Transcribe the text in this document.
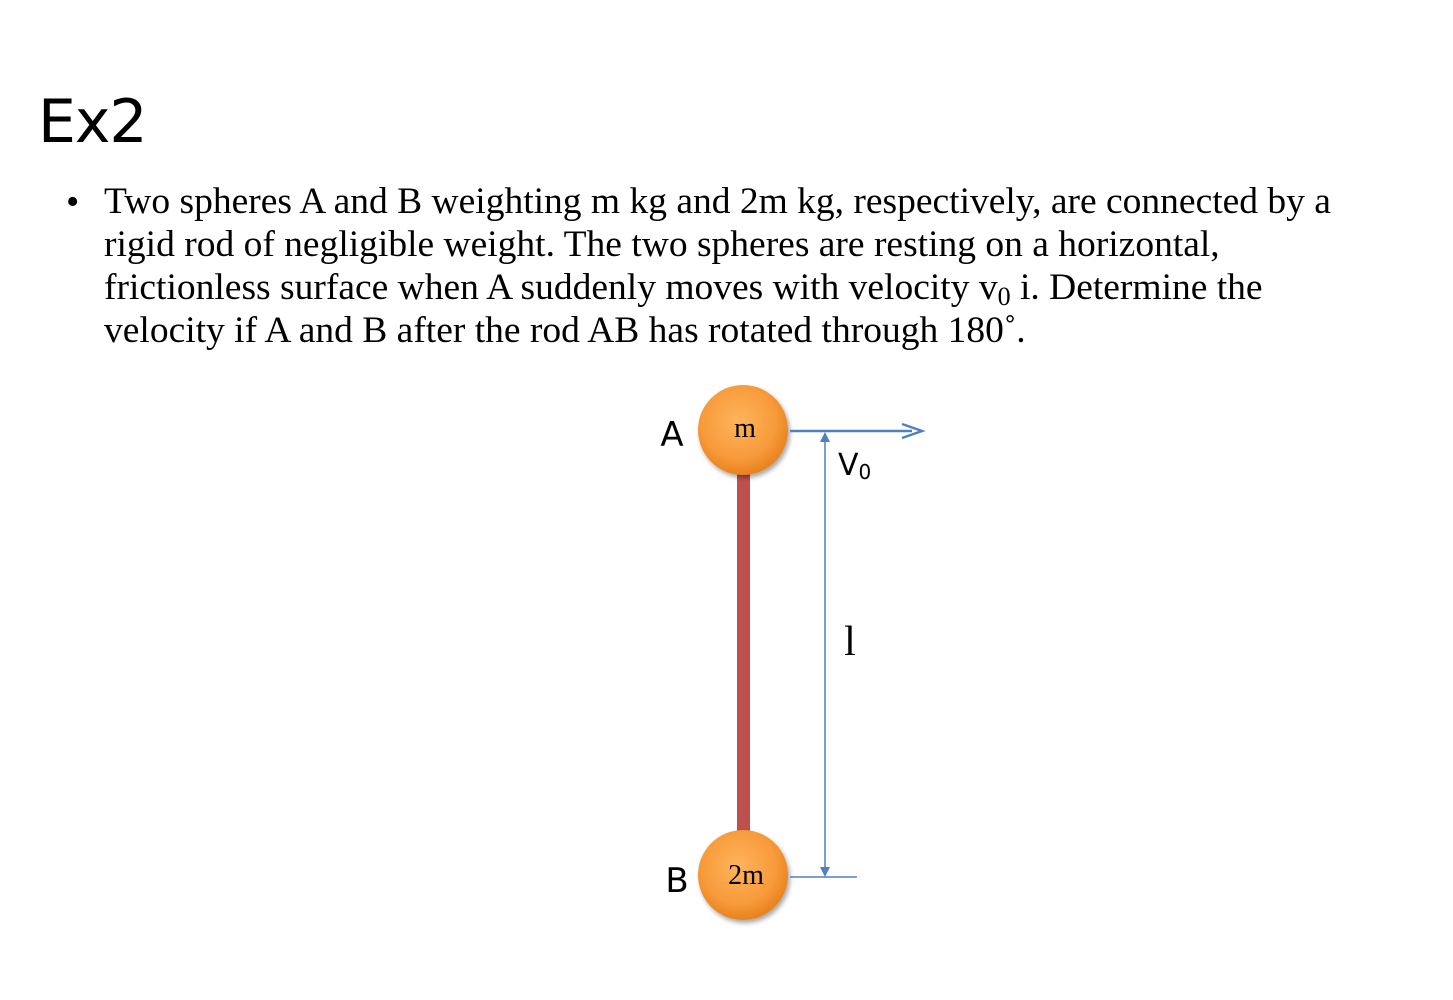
Ex2
• Two spheres A and B weighting m kg and 2m kg, respectively, are connected by a
rigid rod of negligible weight. The two spheres are resting on a horizontal,
frictionless surface when A suddenly moves with velocity $v_0$ i. Determine the
velocity if A and B after the rod AB has rotated through 180˚.
m
2m
A
B
V0
l
